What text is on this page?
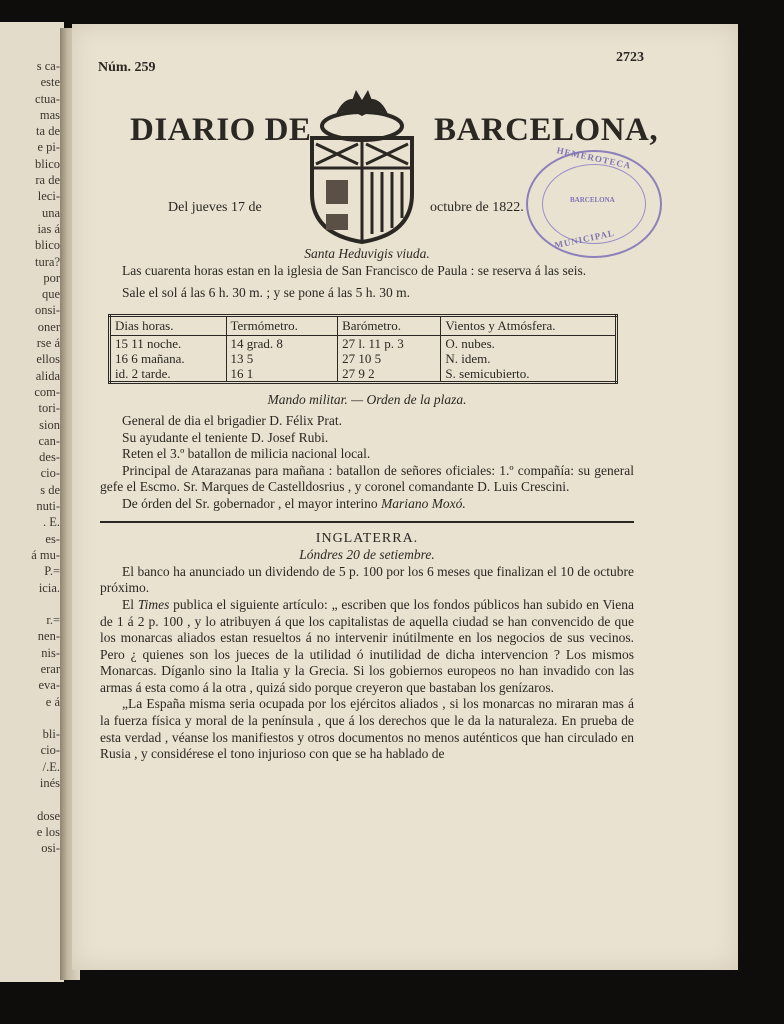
s ca-
este
ctua-
mas
ta de
e pi-
blico
ra de
leci-
una
ias á
blico
tura?
por
que
onsi-
oner
rse á
ellos
alida
com-
tori-
sion
can-
des-
cio-
s de
nuti-
. E.
es-
á mu-
P.=
icia.

r.=
nen-
nis-
erar
eva-
e á

bli-
cio-
/.E.
inés

dose
e los
osi-
Núm. 259
2723
DIARIO DE	BARCELONA,
Del jueves 17 de	octubre de 1822.
HEMEROTECA
BARCELONA
MUNICIPAL
Santa Heduvigis viuda.

Las cuarenta horas estan en la iglesia de San Francisco de Paula : se reserva á las seis.

Sale el sol á las 6 h. 30 m. ; y se pone á las 5 h. 30 m.

Dias horas.	Termómetro.	Barómetro.	Vientos y Atmósfera.
15 11 noche.	14 grad. 8	27 l. 11 p. 3	O. nubes.
16 6 mañana.	13 5	27 10 5	N. idem.
id. 2 tarde.	16 1	27 9 2	S. semicubierto.
Mando militar. — Orden de la plaza.

General de dia el brigadier D. Félix Prat.

Su ayudante el teniente D. Josef Rubi.

Reten el 3.º batallon de milicia nacional local.

Principal de Atarazanas para mañana : batallon de señores oficiales: 1.º compañía: su general gefe el Escmo. Sr. Marques de Castelldosrius , y coronel comandante D. Luis Crescini.

De órden del Sr. gobernador , el mayor interino Mariano Moxó.

INGLATERRA.
Lóndres 20 de setiembre.

El banco ha anunciado un dividendo de 5 p. 100 por los 6 meses que finalizan el 10 de octubre próximo.

El Times publica el siguiente artículo: „ escriben que los fondos públicos han subido en Viena de 1 á 2 p. 100 , y lo atribuyen á que los capitalistas de aquella ciudad se han convencido de que los monarcas aliados estan resueltos á no intervenir inútilmente en los negocios de sus vecinos. Pero ¿ quienes son los jueces de la utilidad ó inutilidad de dicha intervencion ? Los mismos Monarcas. Díganlo sino la Italia y la Grecia. Si los gobiernos europeos no han invadido con las armas á esta como á la otra , quizá sido porque creyeron que bastaban los genízaros.

„La España misma seria ocupada por los ejércitos aliados , si los monarcas no miraran mas á la fuerza física y moral de la península , que á los derechos que le da la naturaleza. En prueba de esta verdad , véanse los manifiestos y otros documentos no menos auténticos que han circulado en Rusia , y considérese el tono injurioso con que se ha hablado de
